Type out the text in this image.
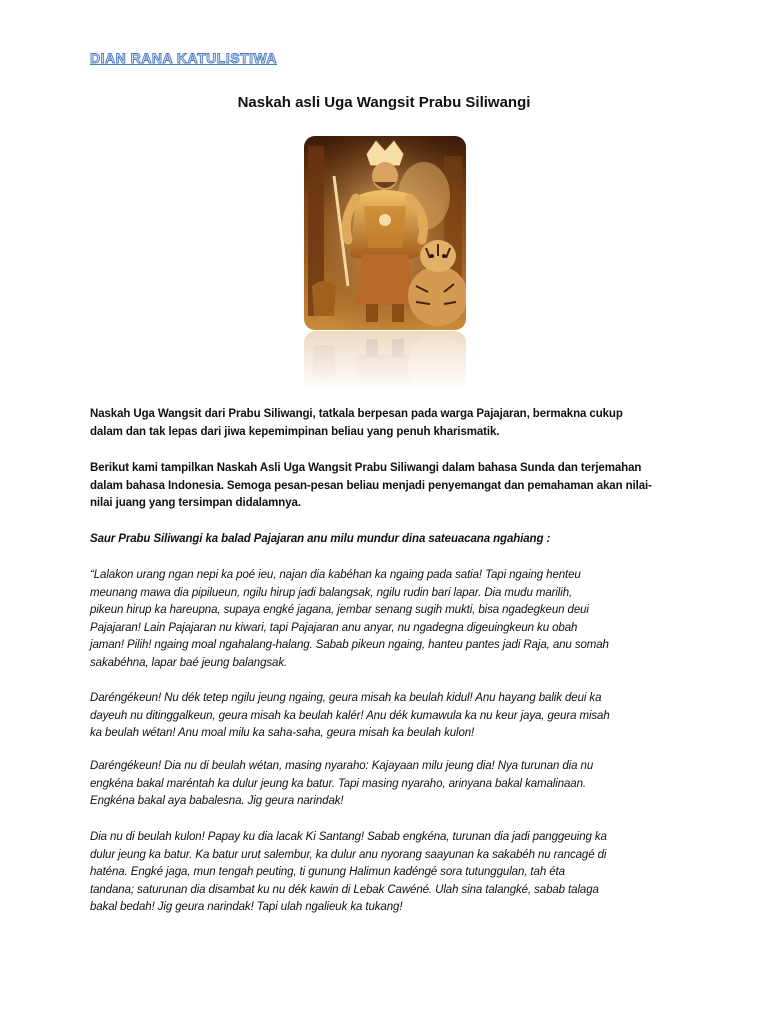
DIAN RANA KATULISTIWA
Naskah asli Uga Wangsit Prabu Siliwangi
Naskah Uga Wangsit dari Prabu Siliwangi, tatkala berpesan pada warga Pajajaran, bermakna cukup
dalam dan tak lepas dari jiwa kepemimpinan beliau yang penuh kharismatik.
Berikut kami tampilkan Naskah Asli Uga Wangsit Prabu Siliwangi dalam bahasa Sunda dan terjemahan
dalam bahasa Indonesia. Semoga pesan-pesan beliau menjadi penyemangat dan pemahaman akan nilai-
nilai juang yang tersimpan didalamnya.
Saur Prabu Siliwangi ka balad Pajajaran anu milu mundur dina sateuacana ngahiang :
“Lalakon urang ngan nepi ka poé ieu, najan dia kabéhan ka ngaing pada satia! Tapi ngaing henteu
meunang mawa dia pipilueun, ngilu hirup jadi balangsak, ngilu rudin bari lapar. Dia mudu marilih,
pikeun hirup ka hareupna, supaya engké jagana, jembar senang sugih mukti, bisa ngadegkeun deui
Pajajaran! Lain Pajajaran nu kiwari, tapi Pajajaran anu anyar, nu ngadegna digeuingkeun ku obah
jaman! Pilih! ngaing moal ngahalang-halang. Sabab pikeun ngaing, hanteu pantes jadi Raja, anu somah
sakabéhna, lapar baé jeung balangsak.
Daréngékeun! Nu dék tetep ngilu jeung ngaing, geura misah ka beulah kidul! Anu hayang balik deui ka
dayeuh nu ditinggalkeun, geura misah ka beulah kalér! Anu dék kumawula ka nu keur jaya, geura misah
ka beulah wétan! Anu moal milu ka saha-saha, geura misah ka beulah kulon!
Daréngékeun! Dia nu di beulah wétan, masing nyaraho: Kajayaan milu jeung dia! Nya turunan dia nu
engkéna bakal maréntah ka dulur jeung ka batur. Tapi masing nyaraho, arinyana bakal kamalinaan.
Engkéna bakal aya babalesna. Jig geura narindak!
Dia nu di beulah kulon! Papay ku dia lacak Ki Santang! Sabab engkéna, turunan dia jadi panggeuing ka
dulur jeung ka batur. Ka batur urut salembur, ka dulur anu nyorang saayunan ka sakabéh nu rancagé di
haténa. Engké jaga, mun tengah peuting, ti gunung Halimun kadéngé sora tutunggulan, tah éta
tandana; saturunan dia disambat ku nu dék kawin di Lebak Cawéné. Ulah sina talangké, sabab talaga
bakal bedah! Jig geura narindak! Tapi ulah ngalieuk ka tukang!
